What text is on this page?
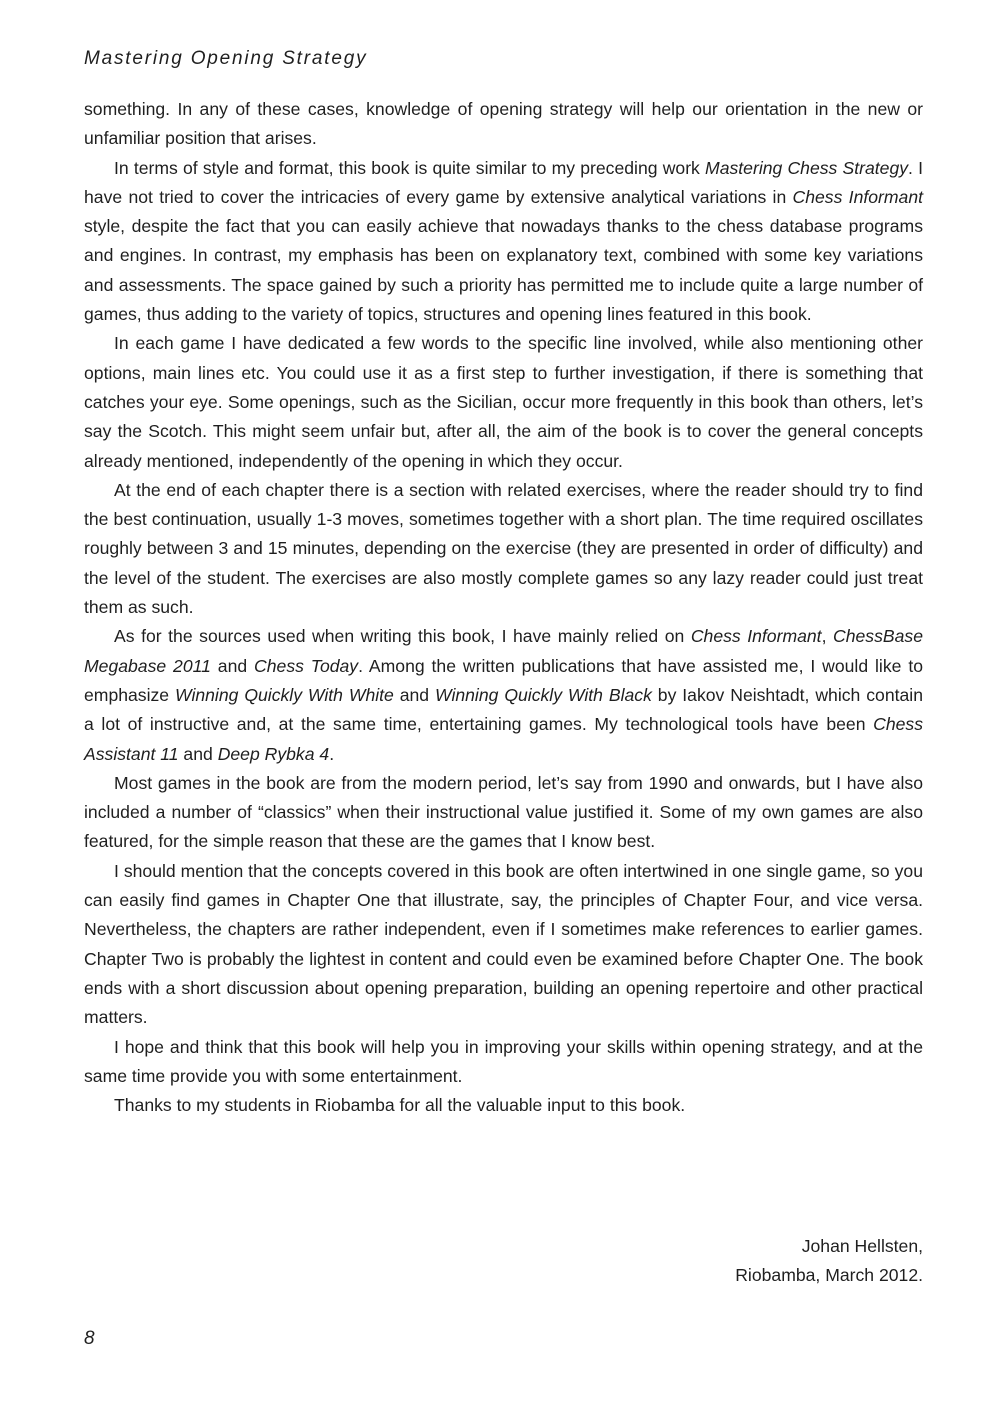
Mastering Opening Strategy

something. In any of these cases, knowledge of opening strategy will help our orientation in the new or unfamiliar position that arises.

In terms of style and format, this book is quite similar to my preceding work Mastering Chess Strategy. I have not tried to cover the intricacies of every game by extensive analytical variations in Chess Informant style, despite the fact that you can easily achieve that nowadays thanks to the chess database programs and engines. In contrast, my emphasis has been on explanatory text, combined with some key variations and assessments. The space gained by such a priority has permitted me to include quite a large number of games, thus adding to the variety of topics, structures and opening lines featured in this book.

In each game I have dedicated a few words to the specific line involved, while also mentioning other options, main lines etc. You could use it as a first step to further investigation, if there is something that catches your eye. Some openings, such as the Sicilian, occur more frequently in this book than others, let’s say the Scotch. This might seem unfair but, after all, the aim of the book is to cover the general concepts already mentioned, independently of the opening in which they occur.

At the end of each chapter there is a section with related exercises, where the reader should try to find the best continuation, usually 1-3 moves, sometimes together with a short plan. The time required oscillates roughly between 3 and 15 minutes, depending on the exercise (they are presented in order of difficulty) and the level of the student. The exercises are also mostly complete games so any lazy reader could just treat them as such.

As for the sources used when writing this book, I have mainly relied on Chess Informant, ChessBase Megabase 2011 and Chess Today. Among the written publications that have assisted me, I would like to emphasize Winning Quickly With White and Winning Quickly With Black by Iakov Neishtadt, which contain a lot of instructive and, at the same time, entertaining games. My technological tools have been Chess Assistant 11 and Deep Rybka 4.

Most games in the book are from the modern period, let’s say from 1990 and onwards, but I have also included a number of “classics” when their instructional value justified it. Some of my own games are also featured, for the simple reason that these are the games that I know best.

I should mention that the concepts covered in this book are often intertwined in one single game, so you can easily find games in Chapter One that illustrate, say, the principles of Chapter Four, and vice versa. Nevertheless, the chapters are rather independent, even if I sometimes make references to earlier games. Chapter Two is probably the lightest in content and could even be examined before Chapter One. The book ends with a short discussion about opening preparation, building an opening repertoire and other practical matters.

I hope and think that this book will help you in improving your skills within opening strategy, and at the same time provide you with some entertainment.

Thanks to my students in Riobamba for all the valuable input to this book.

Johan Hellsten,
Riobamba, March 2012.
8
